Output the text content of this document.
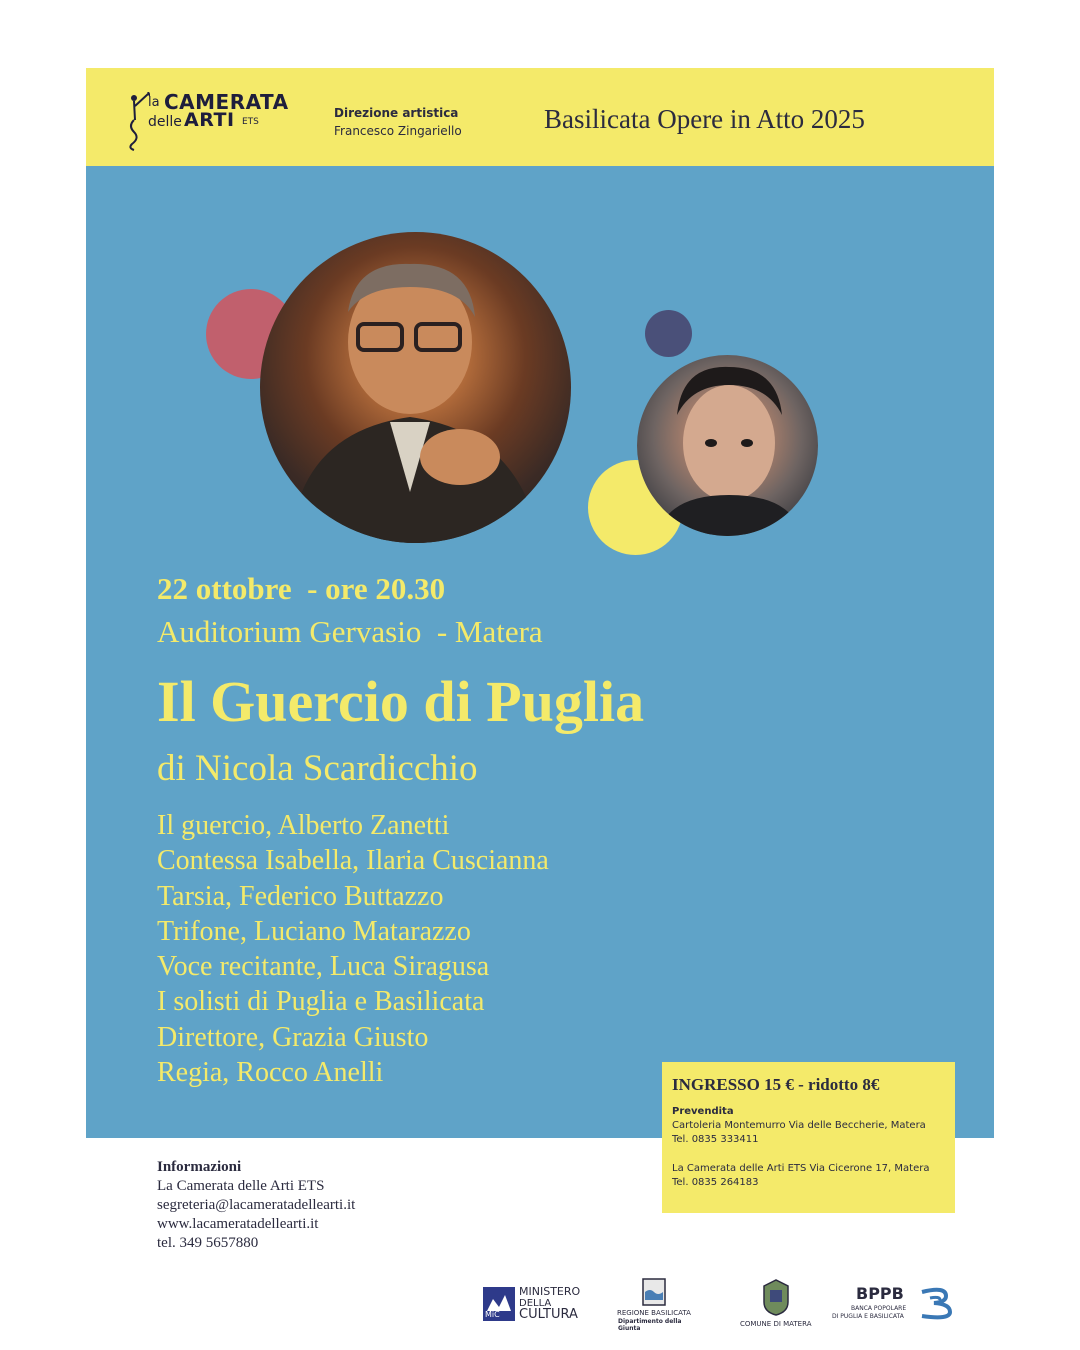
la CAMERATA
delle ARTI ETS
Direzione artistica
Francesco Zingariello	Basilicata Opere in Atto 2025
22 ottobre  - ore 20.30
Auditorium Gervasio  - Matera
Il Guercio di Puglia
di Nicola Scardicchio
Il guercio, Alberto Zanetti
Contessa Isabella, Ilaria Cuscianna
Tarsia, Federico Buttazzo
Trifone, Luciano Matarazzo
Voce recitante, Luca Siragusa
I solisti di Puglia e Basilicata
Direttore, Grazia Giusto
Regia, Rocco Anelli	INGRESSO 15 € - ridotto 8€
Prevendita
Cartoleria Montemurro Via delle Beccherie, Matera
Tel. 0835 333411
La Camerata delle Arti ETS Via Cicerone 17, Matera
Tel. 0835 264183
Informazioni
La Camerata delle Arti ETS
segreteria@lacameratadellearti.it
www.lacameratadellearti.it
tel. 349 5657880
MiC
MINISTERO
DELLA
CULTURA	REGIONE BASILICATA
Dipartimento della Giunta
COMUNE DI MATERA
BPPB
BANCA POPOLARE
DI PUGLIA E BASILICATA
